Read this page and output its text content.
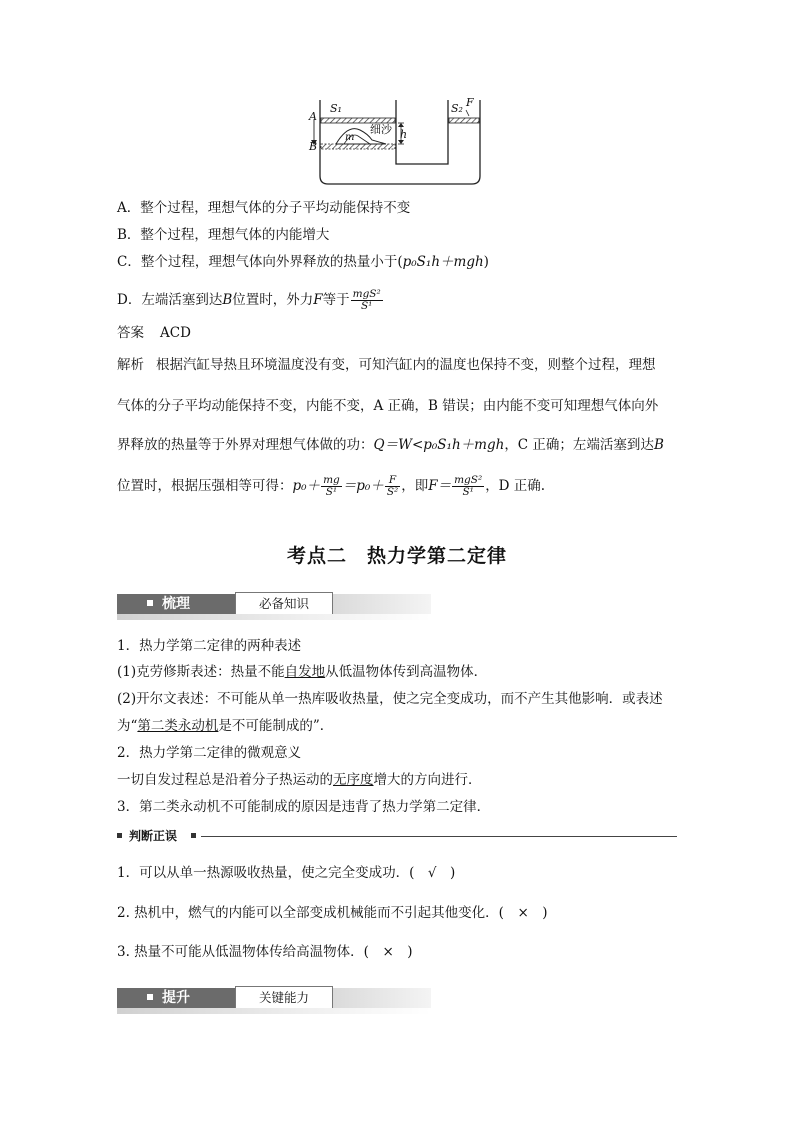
S₁	S₂ F
A
B
m
细沙 h
A．整个过程，理想气体的分子平均动能保持不变
B．整个过程，理想气体的内能增大
C．整个过程，理想气体向外界释放的热量小于(p₀S₁h＋mgh)
D．左端活塞到达B位置时，外力F等于 $\frac{\text{mgS²}}{\text{S¹}}$
答案 ACD
解析 根据汽缸导热且环境温度没有变，可知汽缸内的温度也保持不变，则整个过程，理想
气体的分子平均动能保持不变，内能不变，A 正确，B 错误；由内能不变可知理想气体向外
界释放的热量等于外界对理想气体做的功：Q＝W<p₀S₁h＋mgh，C 正确；左端活塞到达B
位置时，根据压强相等可得：$p_0+ \frac{mg}{\text{S¹}} =p_0+ \frac{F}{\text{S²}}$ ，即$F= \frac{\text{mgS²}}{\text{S¹}}$ ，D 正确.
考点二　热力学第二定律
梳理	必备知识
1．热力学第二定律的两种表述
(1)克劳修斯表述：热量不能自发地从低温物体传到高温物体．
(2)开尔文表述：不可能从单一热库吸收热量，使之完全变成功，而不产生其他影响．或表述
为“第二类永动机是不可能制成的”．
2．热力学第二定律的微观意义
一切自发过程总是沿着分子热运动的无序度增大的方向进行．
3．第二类永动机不可能制成的原因是违背了热力学第二定律．
判断正误
1．可以从单一热源吸收热量，使之完全变成功．(　√　)
2. 热机中，燃气的内能可以全部变成机械能而不引起其他变化．(　×　)
3. 热量不可能从低温物体传给高温物体．(　×　)
提升	关键能力
